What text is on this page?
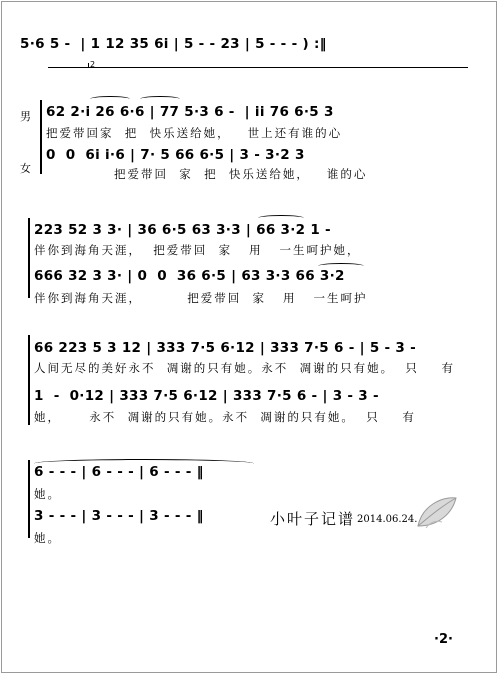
5·6 5 -  | 1 12 35 6i | 5 - - 23 | 5 - - - ) :‖
2
男
女
62 2·i 26 6·6 | 77 5·3 6 -  | ii 76 6·5 3
把爱带回家  把  快乐送给她，   世上还有谁的心
0  0  6i i·6 | 7· 5 66 6·5 | 3 - 3·2 3
把爱带回  家  把  快乐送给她，   谁的心
223 52 3 3· | 36 6·5 63 3·3 | 66 3·2 1 -
伴你到海角天涯，  把爱带回  家   用   一生呵护她，
666 32 3 3· | 0  0  36 6·5 | 63 3·3 66 3·2
伴你到海角天涯，        把爱带回  家   用   一生呵护
66 223 5 3 12 | 333 7·5 6·12 | 333 7·5 6 - | 5 - 3 -
人间无尽的美好永不  凋谢的只有她。永不  凋谢的只有她。  只    有
1  -  0·12 | 333 7·5 6·12 | 333 7·5 6 - | 3 - 3 -
她，     永不  凋谢的只有她。永不  凋谢的只有她。  只    有
6 - - - | 6 - - - | 6 - - - ‖
她。
3 - - - | 3 - - - | 3 - - - ‖
她。
小叶子记谱 2014.06.24.
·2·
